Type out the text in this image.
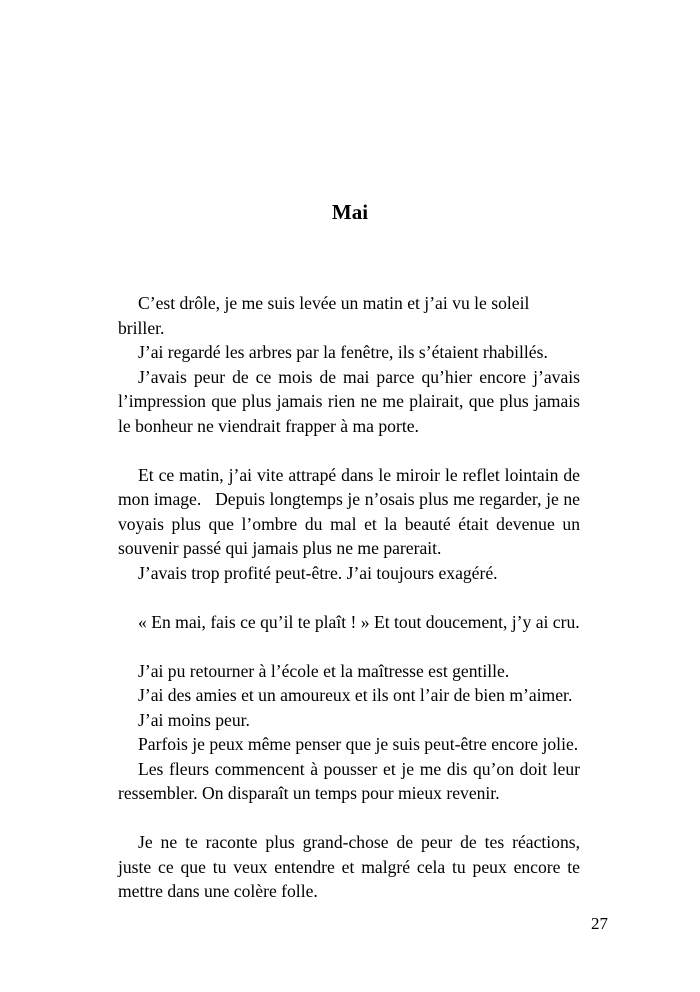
Mai

C’est drôle, je me suis levée un matin et j’ai vu le soleil briller.

J’ai regardé les arbres par la fenêtre, ils s’étaient rhabillés.

J’avais peur de ce mois de mai parce qu’hier encore j’avais l’impression que plus jamais rien ne me plairait, que plus jamais le bonheur ne viendrait frapper à ma porte.

Et ce matin, j’ai vite attrapé dans le miroir le reflet lointain de mon image.   Depuis longtemps je n’osais plus me regarder, je ne voyais plus que l’ombre du mal et la beauté était devenue un souvenir passé qui jamais plus ne me parerait.

J’avais trop profité peut-être. J’ai toujours exagéré.

« En mai, fais ce qu’il te plaît ! » Et tout doucement, j’y ai cru.

J’ai pu retourner à l’école et la maîtresse est gentille.

J’ai des amies et un amoureux et ils ont l’air de bien m’aimer.

J’ai moins peur.

Parfois je peux même penser que je suis peut-être encore jolie.

Les fleurs commencent à pousser et je me dis qu’on doit leur ressembler. On disparaît un temps pour mieux revenir.

Je ne te raconte plus grand-chose de peur de tes réactions, juste ce que tu veux entendre et malgré cela tu peux encore te mettre dans une colère folle.

27
